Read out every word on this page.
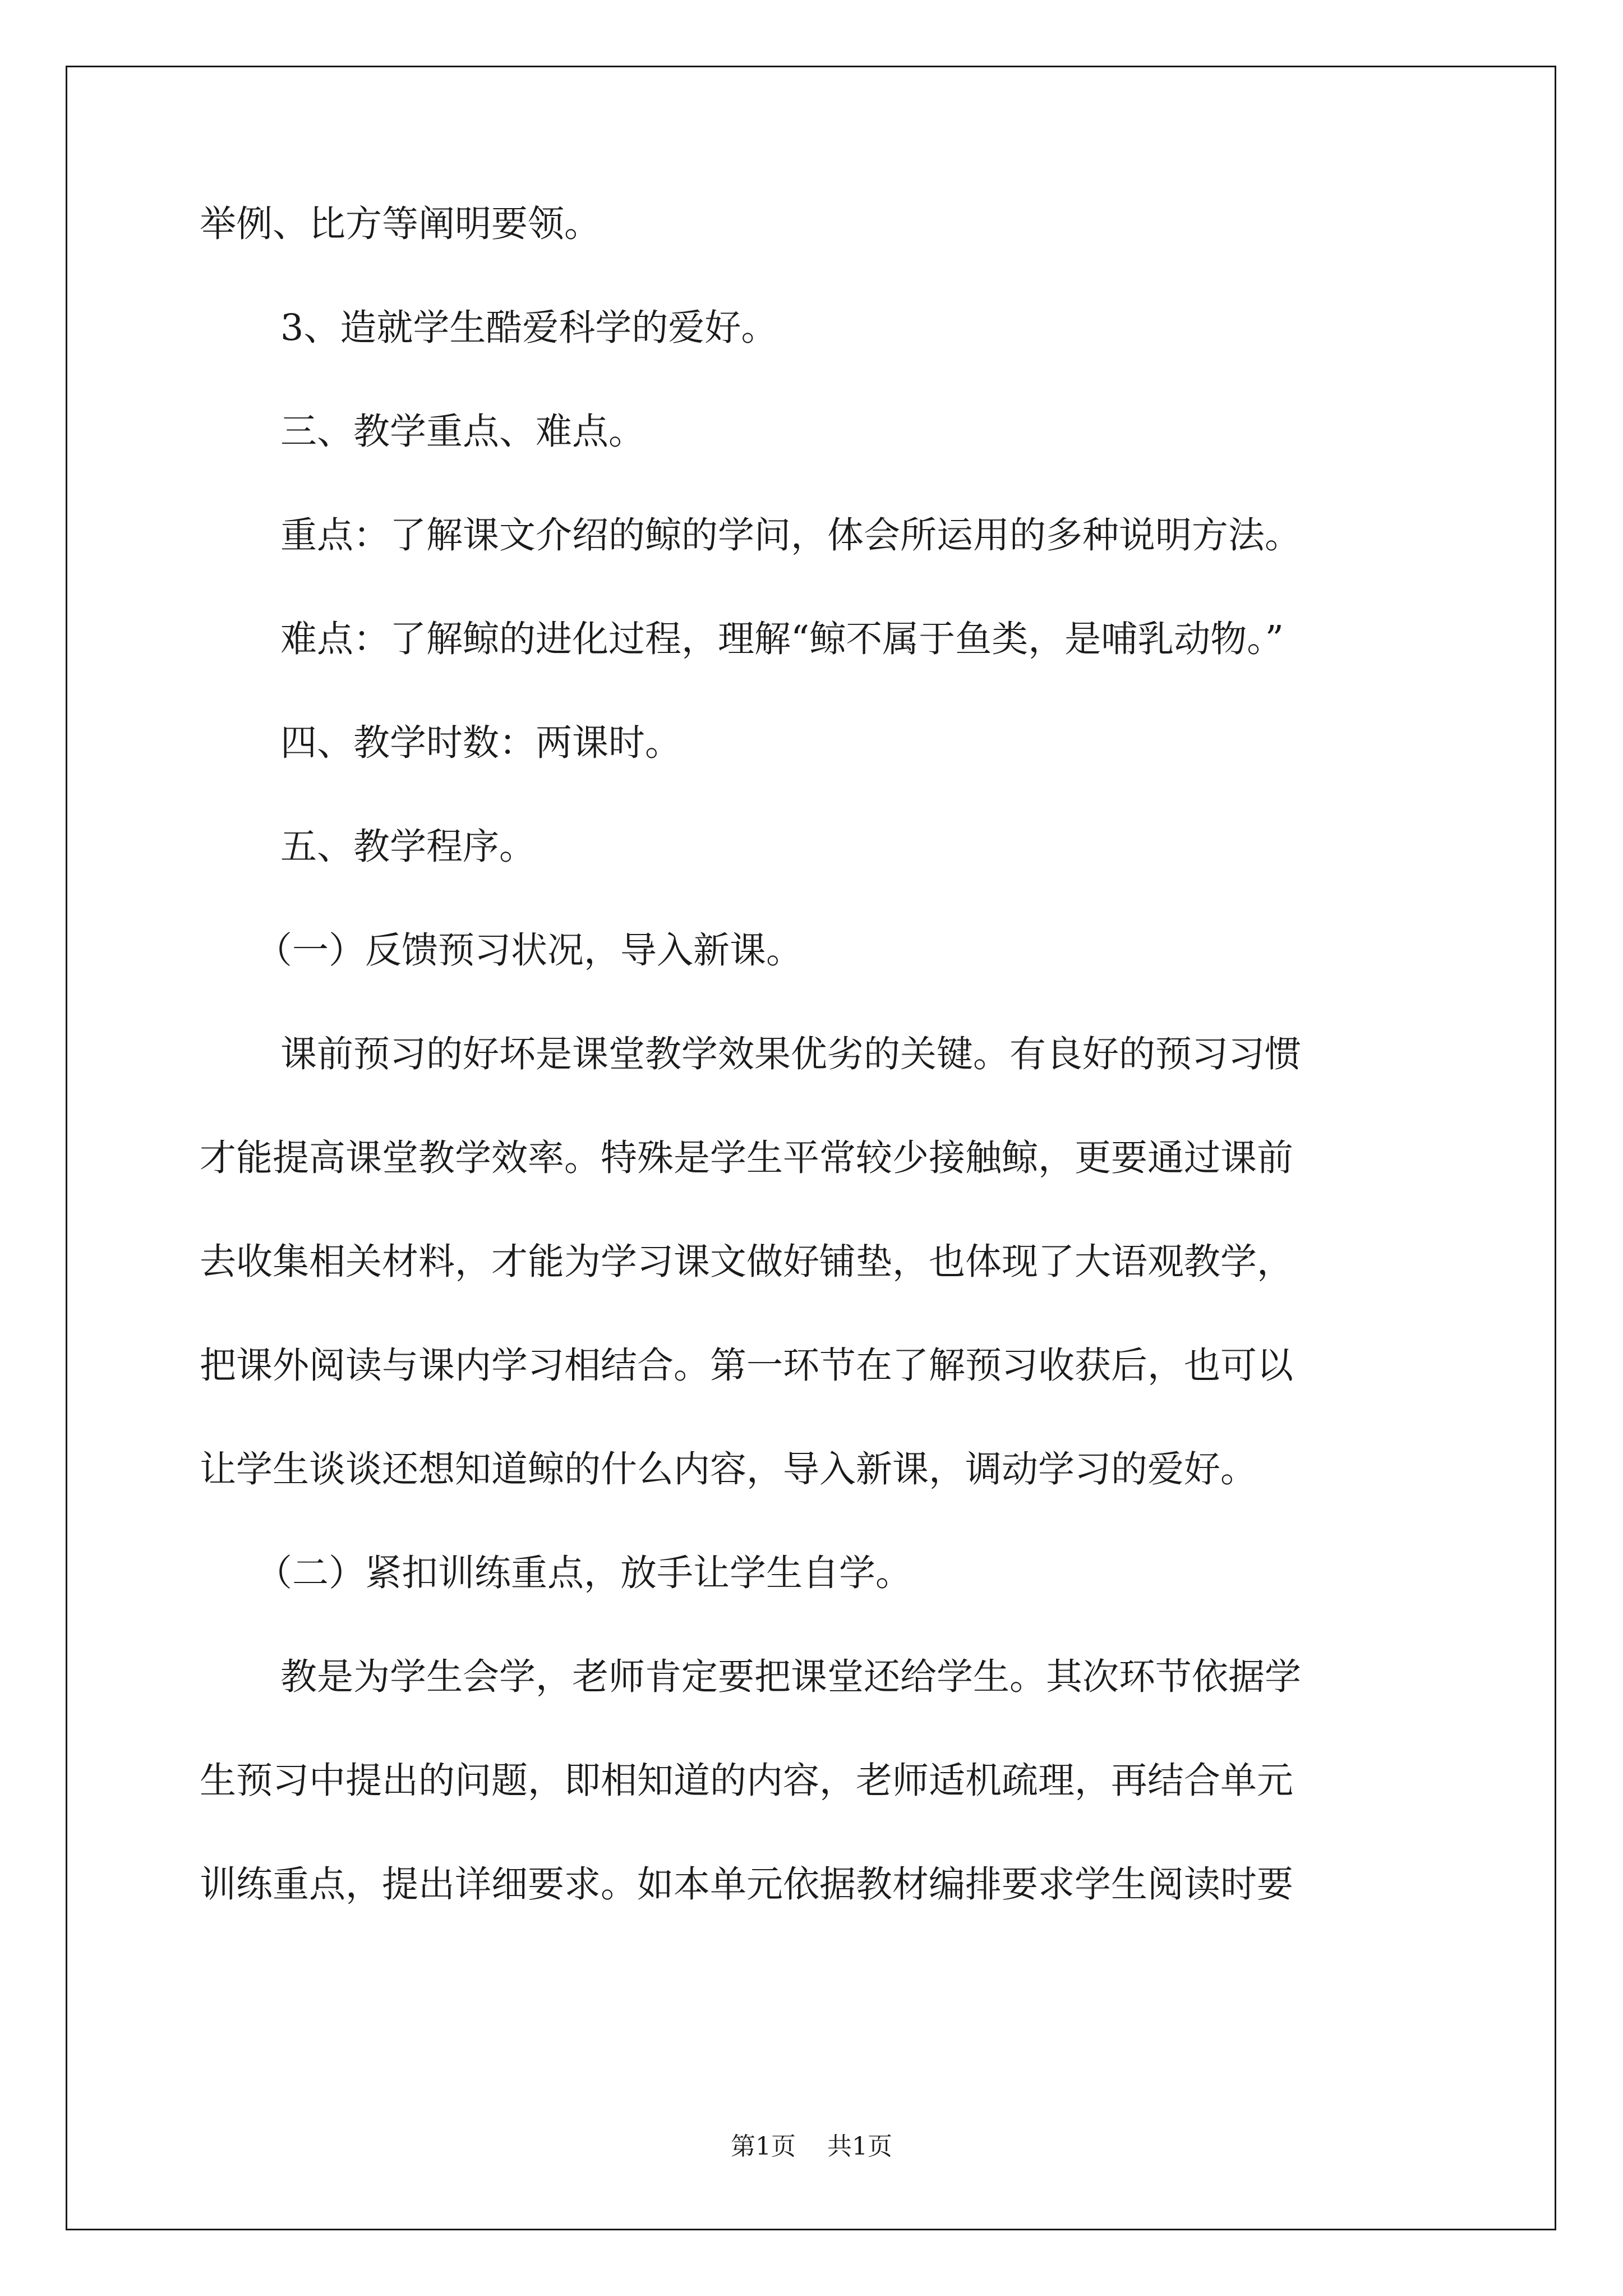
举例、比方等阐明要领。
3、造就学生酷爱科学的爱好。
三、教学重点、难点。
重点：了解课文介绍的鲸的学问，体会所运用的多种说明方法。
难点：了解鲸的进化过程，理解“鲸不属于鱼类，是哺乳动物。”
四、教学时数：两课时。
五、教学程序。
（一）反馈预习状况，导入新课。
课前预习的好坏是课堂教学效果优劣的关键。有良好的预习习惯
才能提高课堂教学效率。特殊是学生平常较少接触鲸，更要通过课前
去收集相关材料，才能为学习课文做好铺垫，也体现了大语观教学，
把课外阅读与课内学习相结合。第一环节在了解预习收获后，也可以
让学生谈谈还想知道鲸的什么内容，导入新课，调动学习的爱好。
（二）紧扣训练重点，放手让学生自学。
教是为学生会学，老师肯定要把课堂还给学生。其次环节依据学
生预习中提出的问题，即相知道的内容，老师适机疏理，再结合单元
训练重点，提出详细要求。如本单元依据教材编排要求学生阅读时要
第1页 共1页
